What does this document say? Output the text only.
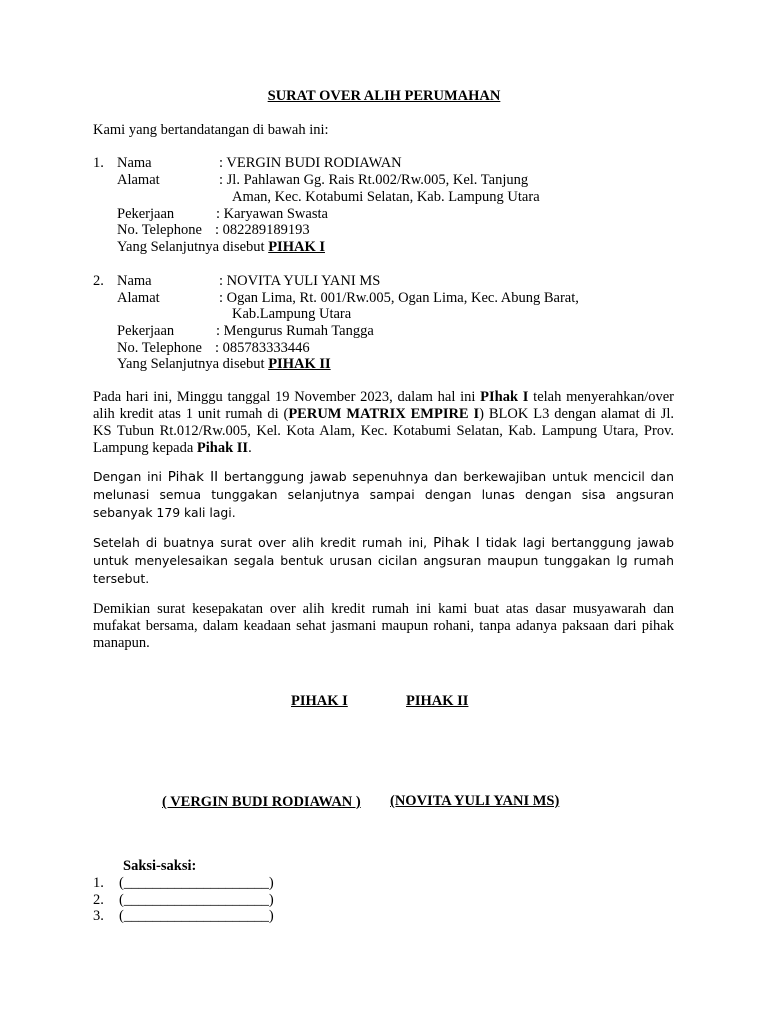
SURAT OVER ALIH PERUMAHAN
Kami yang bertandatangan di bawah ini:
1. Nama	: VERGIN BUDI RODIAWAN
Alamat	: Jl. Pahlawan Gg. Rais Rt.002/Rw.005, Kel. Tanjung
Aman, Kec. Kotabumi Selatan, Kab. Lampung Utara
Pekerjaan	: Karyawan Swasta
No. Telephone : 082289189193
Yang Selanjutnya disebut PIHAK I
2. Nama	: NOVITA YULI YANI MS
Alamat	: Ogan Lima, Rt. 001/Rw.005, Ogan Lima, Kec. Abung Barat,
Kab.Lampung Utara
Pekerjaan	: Mengurus Rumah Tangga
No. Telephone : 085783333446
Yang Selanjutnya disebut PIHAK II
Pada hari ini, Minggu tanggal 19 November 2023, dalam hal ini PIhak I telah menyerahkan/over alih kredit atas 1 unit rumah di (PERUM MATRIX EMPIRE I) BLOK L3 dengan alamat di Jl. KS Tubun Rt.012/Rw.005, Kel. Kota Alam, Kec. Kotabumi Selatan, Kab. Lampung Utara, Prov. Lampung kepada Pihak II.
Dengan ini Pihak II bertanggung jawab sepenuhnya dan berkewajiban untuk mencicil dan melunasi semua tunggakan selanjutnya sampai dengan lunas dengan sisa angsuran sebanyak 179 kali lagi.
Setelah di buatnya surat over alih kredit rumah ini, Pihak I tidak lagi bertanggung jawab untuk menyelesaikan segala bentuk urusan cicilan angsuran maupun tunggakan lg rumah tersebut.
Demikian surat kesepakatan over alih kredit rumah ini kami buat atas dasar musyawarah dan mufakat bersama, dalam keadaan sehat jasmani maupun rohani, tanpa adanya paksaan dari pihak manapun.
PIHAK I	PIHAK II
( VERGIN BUDI RODIAWAN ) (NOVITA YULI YANI MS)
Saksi-saksi:
1. (____________________)
2. (____________________)
3. (____________________)
